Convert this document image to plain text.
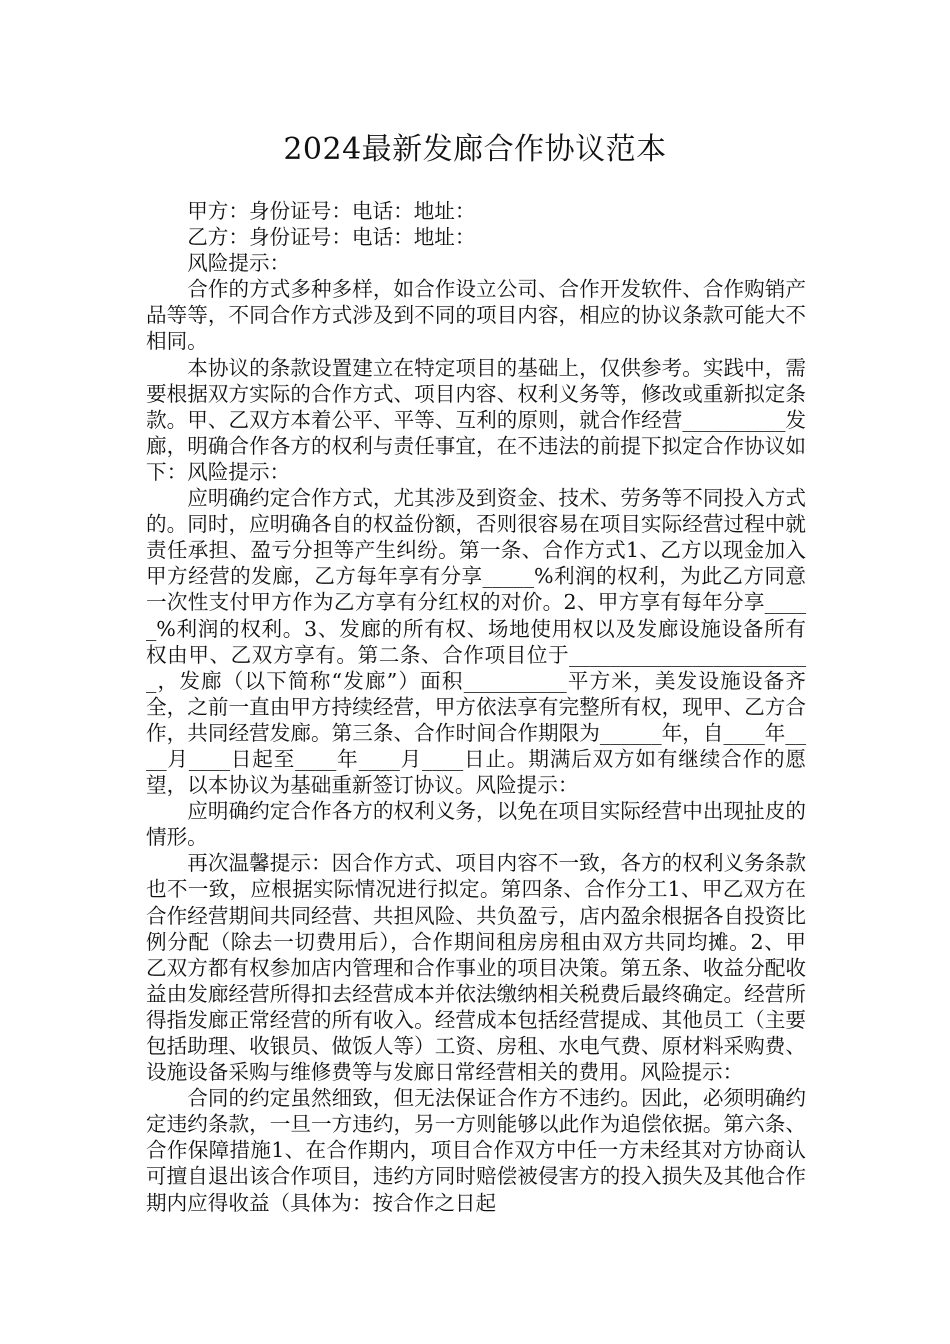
2024最新发廊合作协议范本

甲方：身份证号：电话：地址：

乙方：身份证号：电话：地址：

风险提示：

合作的方式多种多样，如合作设立公司、合作开发软件、合作购销产品等等，不同合作方式涉及到不同的项目内容，相应的协议条款可能大不相同。

本协议的条款设置建立在特定项目的基础上，仅供参考。实践中，需要根据双方实际的合作方式、项目内容、权利义务等，修改或重新拟定条款。甲、乙双方本着公平、平等、互利的原则，就合作经营__________发廊，明确合作各方的权利与责任事宜，在不违法的前提下拟定合作协议如下：风险提示：

应明确约定合作方式，尤其涉及到资金、技术、劳务等不同投入方式的。同时，应明确各自的权益份额，否则很容易在项目实际经营过程中就责任承担、盈亏分担等产生纠纷。第一条、合作方式1、乙方以现金加入甲方经营的发廊，乙方每年享有分享_____%利润的权利，为此乙方同意一次性支付甲方作为乙方享有分红权的对价。2、甲方享有每年分享_____%利润的权利。3、发廊的所有权、场地使用权以及发廊设施设备所有权由甲、乙双方享有。第二条、合作项目位于________________________，发廊（以下简称“发廊”）面积__________平方米，美发设施设备齐全，之前一直由甲方持续经营，甲方依法享有完整所有权，现甲、乙方合作，共同经营发廊。第三条、合作时间合作期限为______年，自____年____月____日起至____年____月____日止。期满后双方如有继续合作的愿望，以本协议为基础重新签订协议。风险提示：

应明确约定合作各方的权利义务，以免在项目实际经营中出现扯皮的情形。

再次温馨提示：因合作方式、项目内容不一致，各方的权利义务条款也不一致，应根据实际情况进行拟定。第四条、合作分工1、甲乙双方在合作经营期间共同经营、共担风险、共负盈亏，店内盈余根据各自投资比例分配（除去一切费用后），合作期间租房房租由双方共同均摊。2、甲乙双方都有权参加店内管理和合作事业的项目决策。第五条、收益分配收益由发廊经营所得扣去经营成本并依法缴纳相关税费后最终确定。经营所得指发廊正常经营的所有收入。经营成本包括经营提成、其他员工（主要包括助理、收银员、做饭人等）工资、房租、水电气费、原材料采购费、设施设备采购与维修费等与发廊日常经营相关的费用。风险提示：

合同的约定虽然细致，但无法保证合作方不违约。因此，必须明确约定违约条款，一旦一方违约，另一方则能够以此作为追偿依据。第六条、合作保障措施1、在合作期内，项目合作双方中任一方未经其对方协商认可擅自退出该合作项目，违约方同时赔偿被侵害方的投入损失及其他合作期内应得收益（具体为：按合作之日起
